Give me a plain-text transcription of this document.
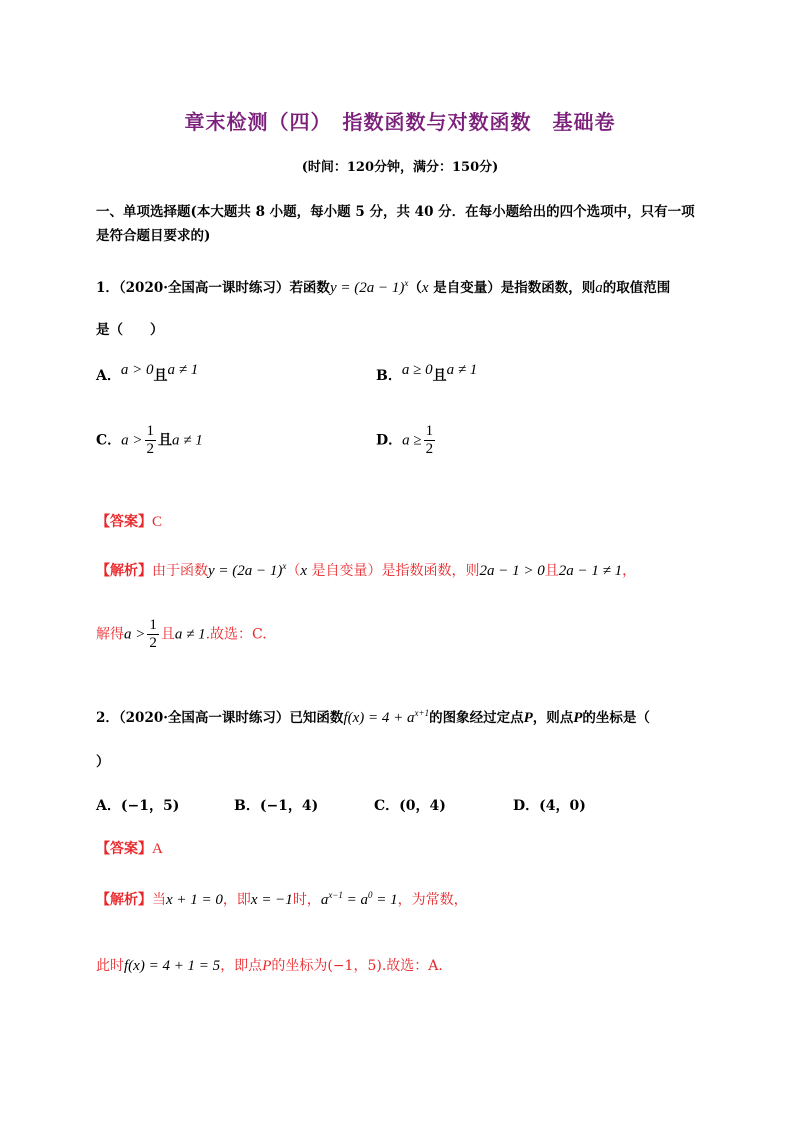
章末检测（四）　指数函数与对数函数　基础卷
(时间：120分钟，满分：150分)
一、单项选择题(本大题共 8 小题，每小题 5 分，共 40 分．在每小题给出的四个选项中，只有一项
是符合题目要求的)
1．（2020·全国高一课时练习）若函数$y = (2a - 1)^x(x$ 是自变量）是指数函数，则a的取值范围
是（　　）
A．a > 0且a ≠ 1	B．a ≥ 0且a ≠ 1
C．$a > \frac{1}{2}$ 且a ≠ 1	D．$a \ge \frac{1}{2}$
【答案】C
【解析】由于函数$y = (2a - 1)^x(x$ 是自变量）是指数函数，则2a − 1 > 0且2a − 1 ≠ 1，
解得$a > \frac{1}{2}$ 且a ≠ 1.故选：C.
2．（2020·全国高一课时练习）已知函数$f(x) = 4 + a^{x+1}$的图象经过定点P，则点P的坐标是（
）
A．(−1，5)	B．(−1，4)	C．(0，4)	D．(4，0)
【答案】A
【解析】当x + 1 = 0，即x = −1时，$a^{x-1} = a^0 = 1$，为常数，
此时f(x) = 4 + 1 = 5，即点P的坐标为(−1，5).故选：A.
